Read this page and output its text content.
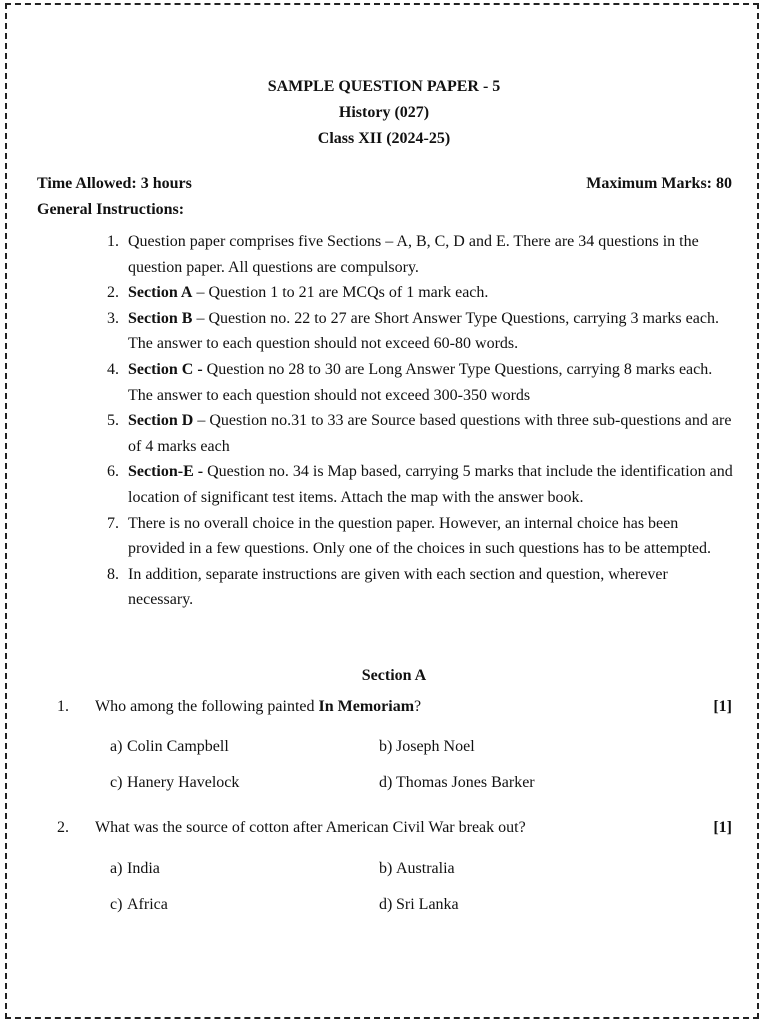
SAMPLE QUESTION PAPER - 5
History (027)
Class XII (2024-25)
Time Allowed: 3 hours	Maximum Marks: 80
General Instructions:
1. Question paper comprises five Sections – A, B, C, D and E. There are 34 questions in the question paper. All questions are compulsory.
2. Section A – Question 1 to 21 are MCQs of 1 mark each.
3. Section B – Question no. 22 to 27 are Short Answer Type Questions, carrying 3 marks each. The answer to each question should not exceed 60-80 words.
4. Section C - Question no 28 to 30 are Long Answer Type Questions, carrying 8 marks each. The answer to each question should not exceed 300-350 words
5. Section D – Question no.31 to 33 are Source based questions with three sub-questions and are of 4 marks each
6. Section-E - Question no. 34 is Map based, carrying 5 marks that include the identification and location of significant test items. Attach the map with the answer book.
7. There is no overall choice in the question paper. However, an internal choice has been provided in a few questions. Only one of the choices in such questions has to be attempted.
8. In addition, separate instructions are given with each section and question, wherever necessary.
Section A
1. Who among the following painted In Memoriam?	[1]
a) Colin Campbell	b) Joseph Noel
c) Hanery Havelock	d) Thomas Jones Barker
2. What was the source of cotton after American Civil War break out?	[1]
a) India	b) Australia
c) Africa	d) Sri Lanka
